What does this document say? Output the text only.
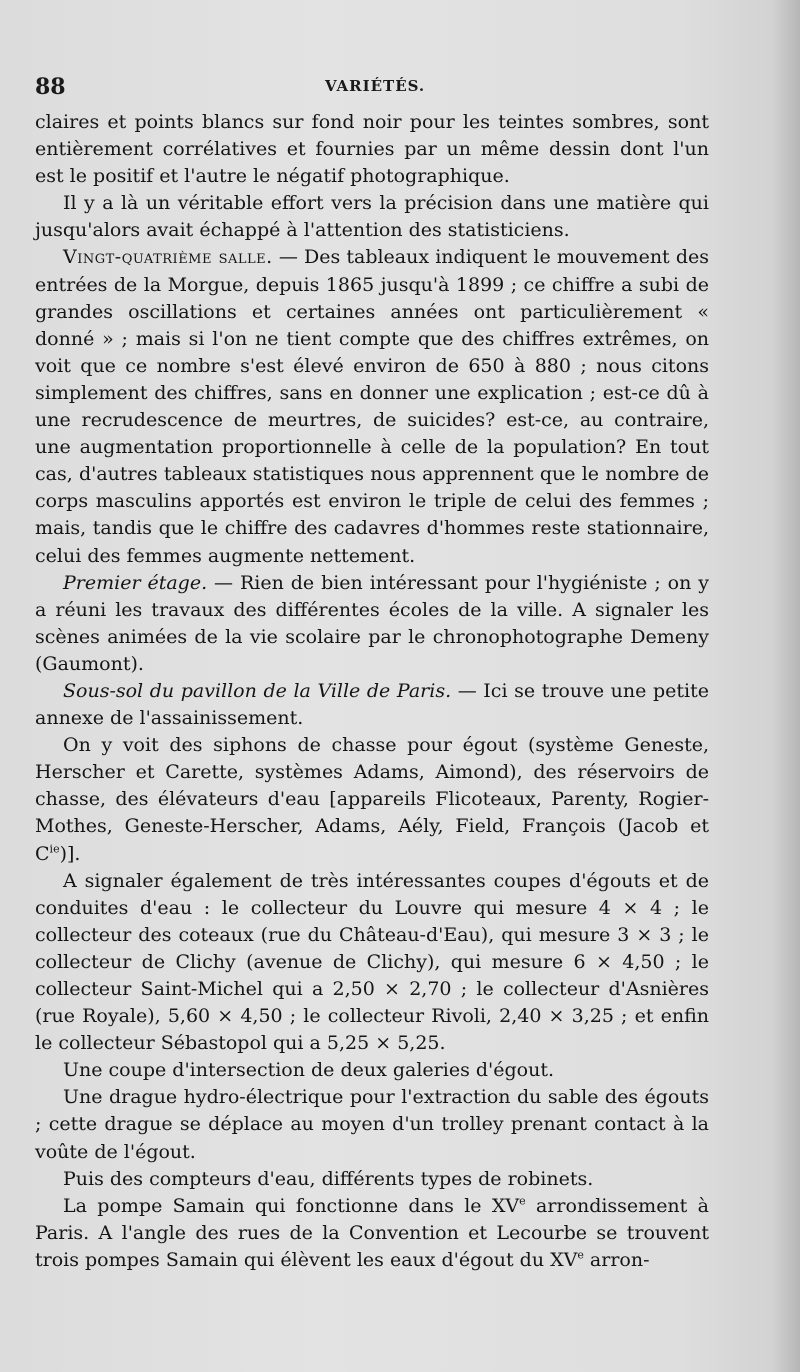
88	VARIÉTÉS.

claires et points blancs sur fond noir pour les teintes sombres, sont entièrement corrélatives et fournies par un même dessin dont l'un est le positif et l'autre le négatif photographique.

Il y a là un véritable effort vers la précision dans une matière qui jusqu'alors avait échappé à l'attention des statisticiens.

Vingt-quatrième salle. — Des tableaux indiquent le mouvement des entrées de la Morgue, depuis 1865 jusqu'à 1899 ; ce chiffre a subi de grandes oscillations et certaines années ont particulièrement « donné » ; mais si l'on ne tient compte que des chiffres extrêmes, on voit que ce nombre s'est élevé environ de 650 à 880 ; nous citons simplement des chiffres, sans en donner une explication ; est-ce dû à une recrudescence de meurtres, de suicides? est-ce, au contraire, une augmentation proportionnelle à celle de la population? En tout cas, d'autres tableaux statistiques nous apprennent que le nombre de corps masculins apportés est environ le triple de celui des femmes ; mais, tandis que le chiffre des cadavres d'hommes reste stationnaire, celui des femmes augmente nettement.

Premier étage. — Rien de bien intéressant pour l'hygiéniste ; on y a réuni les travaux des différentes écoles de la ville. A signaler les scènes animées de la vie scolaire par le chronophotographe Demeny (Gaumont).

Sous-sol du pavillon de la Ville de Paris. — Ici se trouve une petite annexe de l'assainissement.

On y voit des siphons de chasse pour égout (système Geneste, Herscher et Carette, systèmes Adams, Aimond), des réservoirs de chasse, des élévateurs d'eau [appareils Flicoteaux, Parenty, Rogier-Mothes, Geneste-Herscher, Adams, Aély, Field, François (Jacob et $C^{ie}$)].

A signaler également de très intéressantes coupes d'égouts et de conduites d'eau : le collecteur du Louvre qui mesure 4 × 4 ; le collecteur des coteaux (rue du Château-d'Eau), qui mesure 3 × 3 ; le collecteur de Clichy (avenue de Clichy), qui mesure 6 × 4,50 ; le collecteur Saint-Michel qui a 2,50 × 2,70 ; le collecteur d'Asnières (rue Royale), 5,60 × 4,50 ; le collecteur Rivoli, 2,40 × 3,25 ; et enfin le collecteur Sébastopol qui a 5,25 × 5,25.

Une coupe d'intersection de deux galeries d'égout.

Une drague hydro-électrique pour l'extraction du sable des égouts ; cette drague se déplace au moyen d'un trolley prenant contact à la voûte de l'égout.

Puis des compteurs d'eau, différents types de robinets.

La pompe Samain qui fonctionne dans le XVe arrondissement à Paris. A l'angle des rues de la Convention et Lecourbe se trouvent trois pompes Samain qui élèvent les eaux d'égout du XVe arron-
